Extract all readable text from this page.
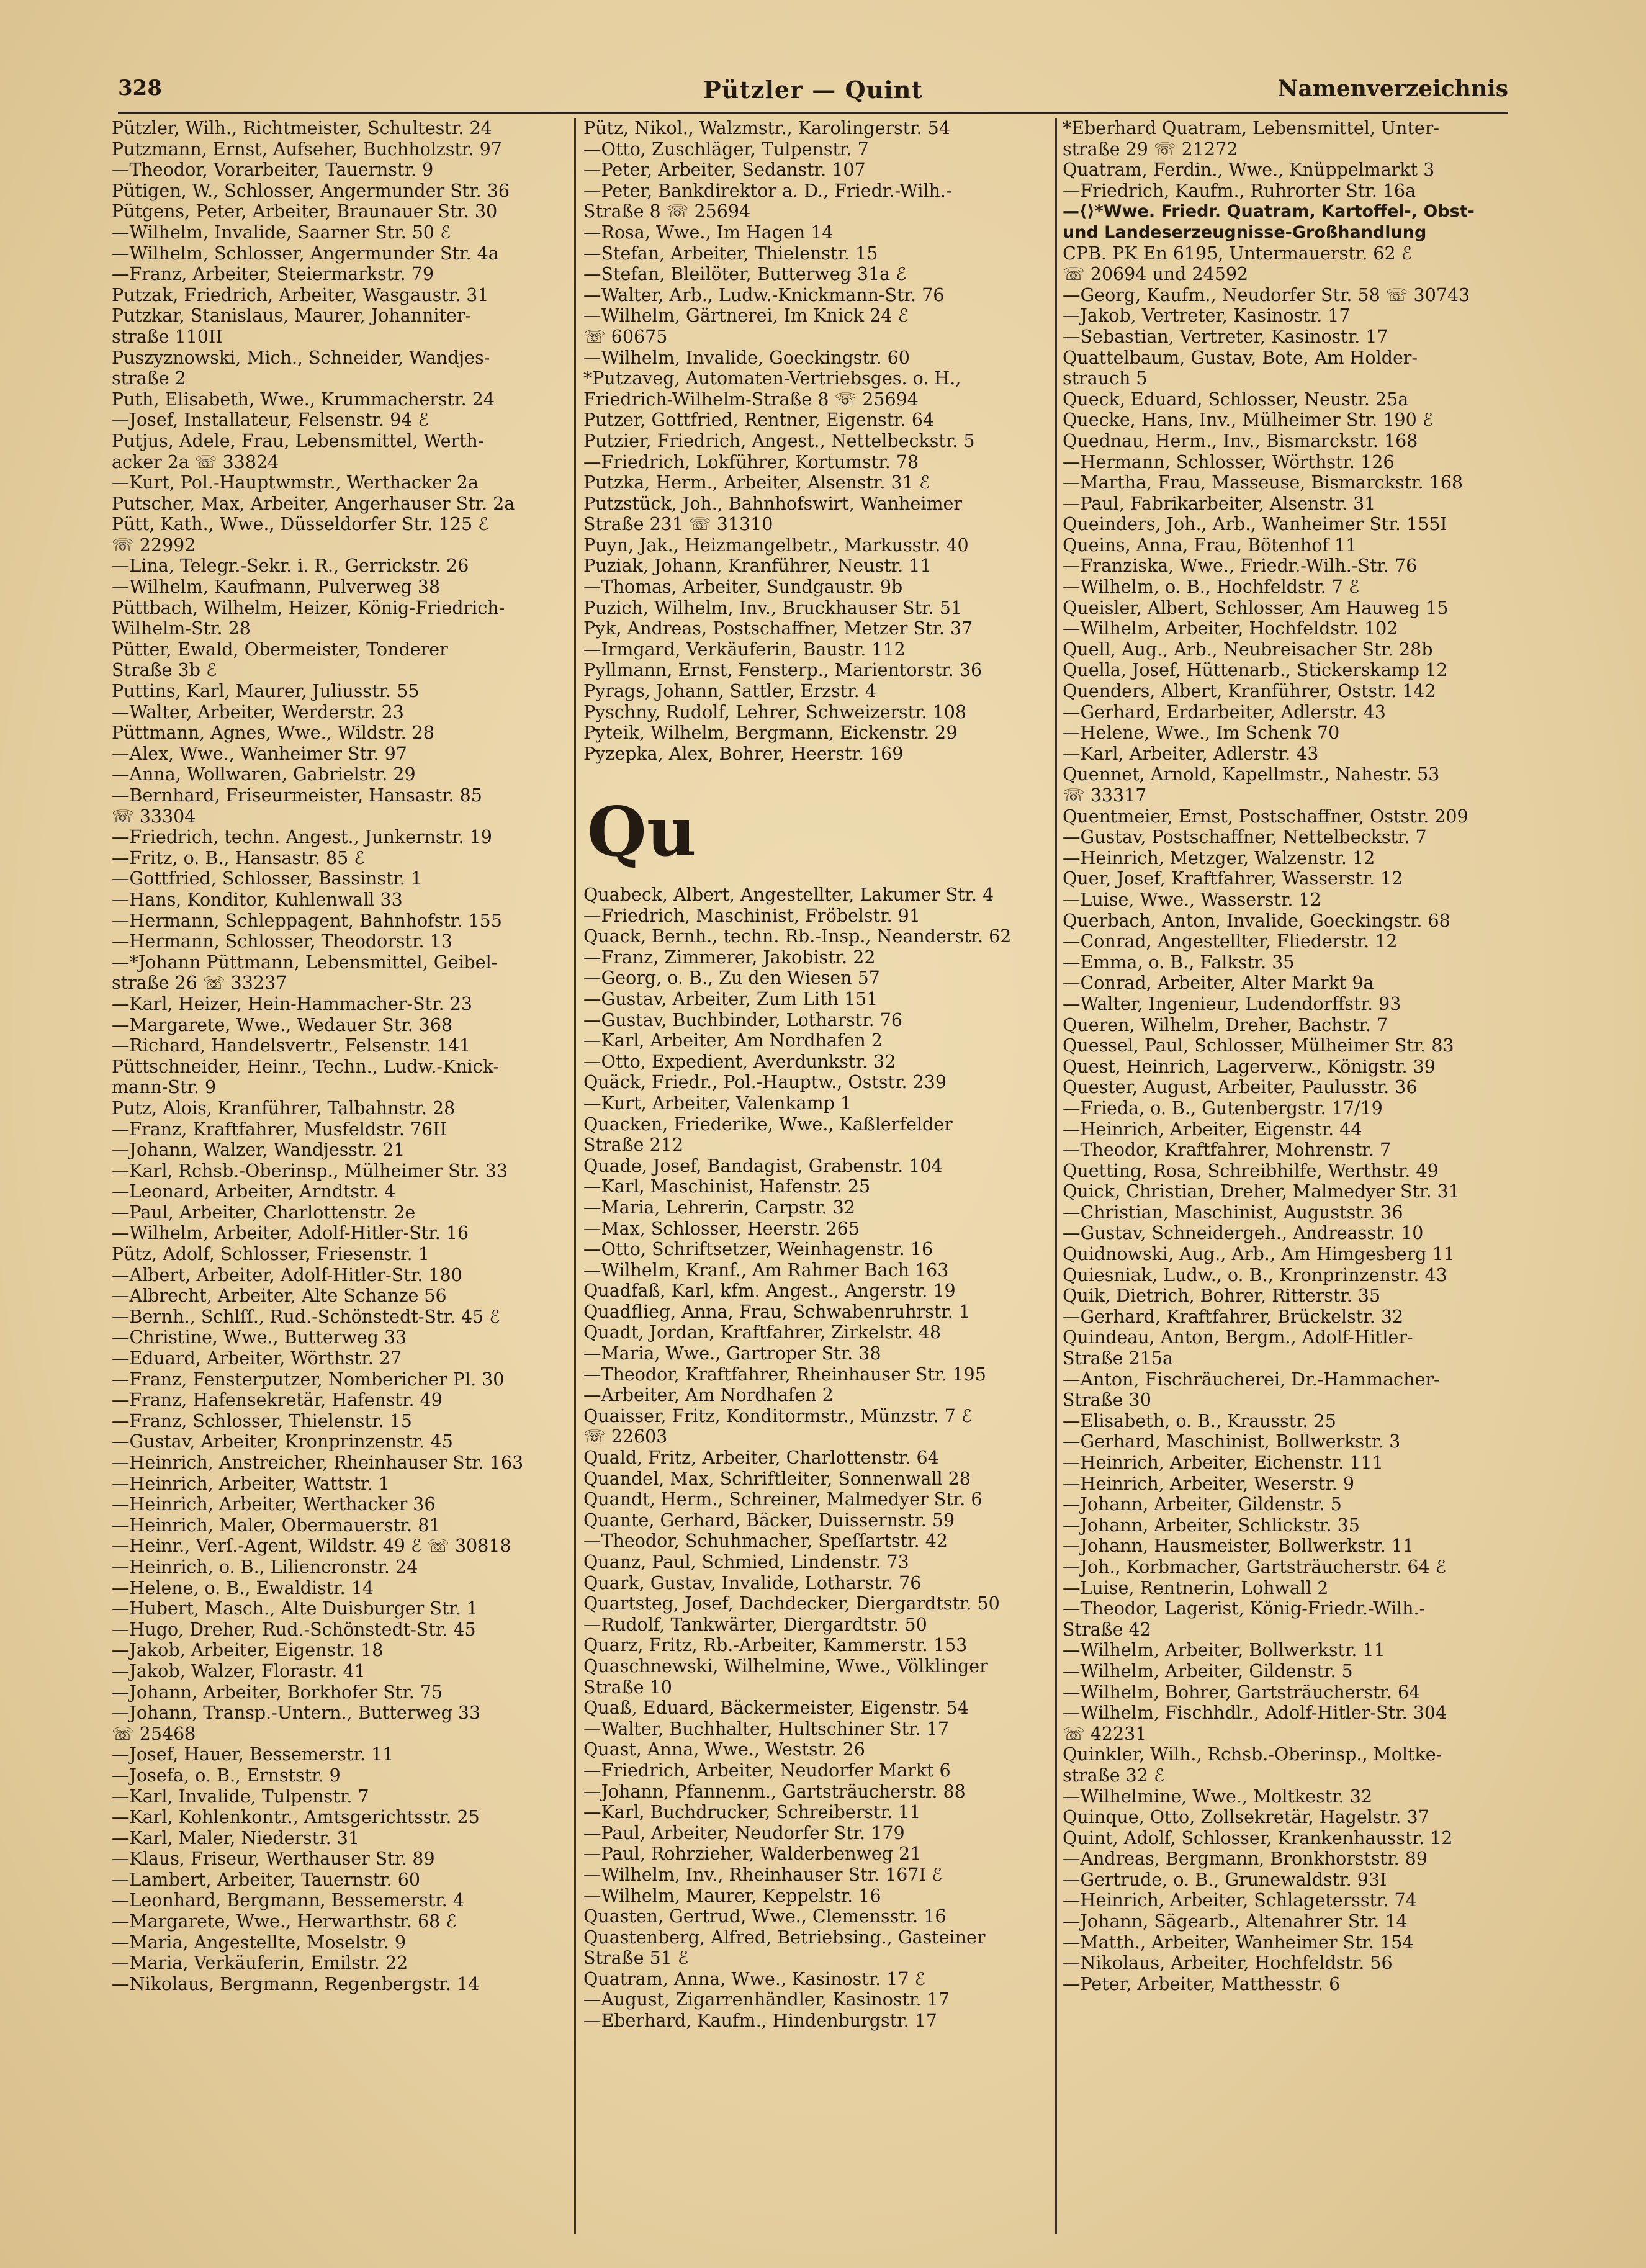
328	Pützler — Quint	Namenverzeichnis
Pützler, Wilh., Richtmeister, Schultestr. 24
Putzmann, Ernst, Aufseher, Buchholzstr. 97
—Theodor, Vorarbeiter, Tauernstr. 9
Pütigen, W., Schlosser, Angermunder Str. 36
Pütgens, Peter, Arbeiter, Braunauer Str. 30
—Wilhelm, Invalide, Saarner Str. 50 ℰ
—Wilhelm, Schlosser, Angermunder Str. 4a
—Franz, Arbeiter, Steiermarkstr. 79
Putzak, Friedrich, Arbeiter, Wasgaustr. 31
Putzkar, Stanislaus, Maurer, Johanniter-
straße 110II
Puszyznowski, Mich., Schneider, Wandjes-
straße 2
Puth, Elisabeth, Wwe., Krummacherstr. 24
—Josef, Installateur, Felsenstr. 94 ℰ
Putjus, Adele, Frau, Lebensmittel, Werth-
acker 2a ☏ 33824
—Kurt, Pol.-Hauptwmstr., Werthacker 2a
Putscher, Max, Arbeiter, Angerhauser Str. 2a
Pütt, Kath., Wwe., Düsseldorfer Str. 125 ℰ
☏ 22992
—Lina, Telegr.-Sekr. i. R., Gerrickstr. 26
—Wilhelm, Kaufmann, Pulverweg 38
Püttbach, Wilhelm, Heizer, König-Friedrich-
Wilhelm-Str. 28
Pütter, Ewald, Obermeister, Tonderer
Straße 3b ℰ
Puttins, Karl, Maurer, Juliusstr. 55
—Walter, Arbeiter, Werderstr. 23
Püttmann, Agnes, Wwe., Wildstr. 28
—Alex, Wwe., Wanheimer Str. 97
—Anna, Wollwaren, Gabrielstr. 29
—Bernhard, Friseurmeister, Hansastr. 85
☏ 33304
—Friedrich, techn. Angest., Junkernstr. 19
—Fritz, o. B., Hansastr. 85 ℰ
—Gottfried, Schlosser, Bassinstr. 1
—Hans, Konditor, Kuhlenwall 33
—Hermann, Schleppagent, Bahnhofstr. 155
—Hermann, Schlosser, Theodorstr. 13
—*Johann Püttmann, Lebensmittel, Geibel-
straße 26 ☏ 33237
—Karl, Heizer, Hein-Hammacher-Str. 23
—Margarete, Wwe., Wedauer Str. 368
—Richard, Handelsvertr., Felsenstr. 141
Püttschneider, Heinr., Techn., Ludw.-Knick-
mann-Str. 9
Putz, Alois, Kranführer, Talbahnstr. 28
—Franz, Kraftfahrer, Musfeldstr. 76II
—Johann, Walzer, Wandjesstr. 21
—Karl, Rchsb.-Oberinsp., Mülheimer Str. 33
—Leonard, Arbeiter, Arndtstr. 4
—Paul, Arbeiter, Charlottenstr. 2e
—Wilhelm, Arbeiter, Adolf-Hitler-Str. 16
Pütz, Adolf, Schlosser, Friesenstr. 1
—Albert, Arbeiter, Adolf-Hitler-Str. 180
—Albrecht, Arbeiter, Alte Schanze 56
—Bernh., Schlſſ., Rud.-Schönstedt-Str. 45 ℰ
—Christine, Wwe., Butterweg 33
—Eduard, Arbeiter, Wörthstr. 27
—Franz, Fensterputzer, Nombericher Pl. 30
—Franz, Hafensekretär, Hafenstr. 49
—Franz, Schlosser, Thielenstr. 15
—Gustav, Arbeiter, Kronprinzenstr. 45
—Heinrich, Anstreicher, Rheinhauser Str. 163
—Heinrich, Arbeiter, Wattstr. 1
—Heinrich, Arbeiter, Werthacker 36
—Heinrich, Maler, Obermauerstr. 81
—Heinr., Verſ.-Agent, Wildstr. 49 ℰ ☏ 30818
—Heinrich, o. B., Liliencronstr. 24
—Helene, o. B., Ewaldistr. 14
—Hubert, Masch., Alte Duisburger Str. 1
—Hugo, Dreher, Rud.-Schönstedt-Str. 45
—Jakob, Arbeiter, Eigenstr. 18
—Jakob, Walzer, Florastr. 41
—Johann, Arbeiter, Borkhofer Str. 75
—Johann, Transp.-Untern., Butterweg 33
☏ 25468
—Josef, Hauer, Bessemerstr. 11
—Josefa, o. B., Ernststr. 9
—Karl, Invalide, Tulpenstr. 7
—Karl, Kohlenkontr., Amtsgerichtsstr. 25
—Karl, Maler, Niederstr. 31
—Klaus, Friseur, Werthauser Str. 89
—Lambert, Arbeiter, Tauernstr. 60
—Leonhard, Bergmann, Bessemerstr. 4
—Margarete, Wwe., Herwarthstr. 68 ℰ
—Maria, Angestellte, Moselstr. 9
—Maria, Verkäuferin, Emilstr. 22
—Nikolaus, Bergmann, Regenbergstr. 14
Pütz, Nikol., Walzmstr., Karolingerstr. 54
—Otto, Zuschläger, Tulpenstr. 7
—Peter, Arbeiter, Sedanstr. 107
—Peter, Bankdirektor a. D., Friedr.-Wilh.-
Straße 8 ☏ 25694
—Rosa, Wwe., Im Hagen 14
—Stefan, Arbeiter, Thielenstr. 15
—Stefan, Bleilöter, Butterweg 31a ℰ
—Walter, Arb., Ludw.-Knickmann-Str. 76
—Wilhelm, Gärtnerei, Im Knick 24 ℰ
☏ 60675
—Wilhelm, Invalide, Goeckingstr. 60
*Putzaveg, Automaten-Vertriebsges. o. H.,
Friedrich-Wilhelm-Straße 8 ☏ 25694
Putzer, Gottfried, Rentner, Eigenstr. 64
Putzier, Friedrich, Angest., Nettelbeckstr. 5
—Friedrich, Lokführer, Kortumstr. 78
Putzka, Herm., Arbeiter, Alsenstr. 31 ℰ
Putzstück, Joh., Bahnhofswirt, Wanheimer
Straße 231 ☏ 31310
Puyn, Jak., Heizmangelbetr., Markusstr. 40
Puziak, Johann, Kranführer, Neustr. 11
—Thomas, Arbeiter, Sundgaustr. 9b
Puzich, Wilhelm, Inv., Bruckhauser Str. 51
Pyk, Andreas, Postschaffner, Metzer Str. 37
—Irmgard, Verkäuferin, Baustr. 112
Pyllmann, Ernst, Fensterp., Marientorstr. 36
Pyrags, Johann, Sattler, Erzstr. 4
Pyschny, Rudolf, Lehrer, Schweizerstr. 108
Pyteik, Wilhelm, Bergmann, Eickenstr. 29
Pyzepka, Alex, Bohrer, Heerstr. 169

Qu
Quabeck, Albert, Angestellter, Lakumer Str. 4
—Friedrich, Maschinist, Fröbelstr. 91
Quack, Bernh., techn. Rb.-Insp., Neanderstr. 62
—Franz, Zimmerer, Jakobistr. 22
—Georg, o. B., Zu den Wiesen 57
—Gustav, Arbeiter, Zum Lith 151
—Gustav, Buchbinder, Lotharstr. 76
—Karl, Arbeiter, Am Nordhafen 2
—Otto, Expedient, Averdunkstr. 32
Quäck, Friedr., Pol.-Hauptw., Oststr. 239
—Kurt, Arbeiter, Valenkamp 1
Quacken, Friederike, Wwe., Kaßlerfelder
Straße 212
Quade, Josef, Bandagist, Grabenstr. 104
—Karl, Maschinist, Hafenstr. 25
—Maria, Lehrerin, Carpstr. 32
—Max, Schlosser, Heerstr. 265
—Otto, Schriftsetzer, Weinhagenstr. 16
—Wilhelm, Kranf., Am Rahmer Bach 163
Quadfaß, Karl, kfm. Angest., Angerstr. 19
Quadflieg, Anna, Frau, Schwabenruhrstr. 1
Quadt, Jordan, Kraftfahrer, Zirkelstr. 48
—Maria, Wwe., Gartroper Str. 38
—Theodor, Kraftfahrer, Rheinhauser Str. 195
—Arbeiter, Am Nordhafen 2
Quaisser, Fritz, Konditormstr., Münzstr. 7 ℰ
☏ 22603
Quald, Fritz, Arbeiter, Charlottenstr. 64
Quandel, Max, Schriftleiter, Sonnenwall 28
Quandt, Herm., Schreiner, Malmedyer Str. 6
Quante, Gerhard, Bäcker, Duissernstr. 59
—Theodor, Schuhmacher, Speſſartstr. 42
Quanz, Paul, Schmied, Lindenstr. 73
Quark, Gustav, Invalide, Lotharstr. 76
Quartsteg, Josef, Dachdecker, Diergardtstr. 50
—Rudolf, Tankwärter, Diergardtstr. 50
Quarz, Fritz, Rb.-Arbeiter, Kammerstr. 153
Quaschnewski, Wilhelmine, Wwe., Völklinger
Straße 10
Quaß, Eduard, Bäckermeister, Eigenstr. 54
—Walter, Buchhalter, Hultschiner Str. 17
Quast, Anna, Wwe., Weststr. 26
—Friedrich, Arbeiter, Neudorfer Markt 6
—Johann, Pfannenm., Gartsträucherstr. 88
—Karl, Buchdrucker, Schreiberstr. 11
—Paul, Arbeiter, Neudorfer Str. 179
—Paul, Rohrzieher, Walderbenweg 21
—Wilhelm, Inv., Rheinhauser Str. 167I ℰ
—Wilhelm, Maurer, Keppelstr. 16
Quasten, Gertrud, Wwe., Clemensstr. 16
Quastenberg, Alfred, Betriebsing., Gasteiner
Straße 51 ℰ
Quatram, Anna, Wwe., Kasinostr. 17 ℰ
—August, Zigarrenhändler, Kasinostr. 17
—Eberhard, Kaufm., Hindenburgstr. 17
*Eberhard Quatram, Lebensmittel, Unter-
straße 29 ☏ 21272
Quatram, Ferdin., Wwe., Knüppelmarkt 3
—Friedrich, Kaufm., Ruhrorter Str. 16a
—⟨⟩*Wwe. Friedr. Quatram, Kartoffel-, Obst-
und Landeserzeugnisse-Großhandlung
CPB. PK En 6195, Untermauerstr. 62 ℰ
☏ 20694 und 24592
—Georg, Kaufm., Neudorfer Str. 58 ☏ 30743
—Jakob, Vertreter, Kasinostr. 17
—Sebastian, Vertreter, Kasinostr. 17
Quattelbaum, Gustav, Bote, Am Holder-
strauch 5
Queck, Eduard, Schlosser, Neustr. 25a
Quecke, Hans, Inv., Mülheimer Str. 190 ℰ
Quednau, Herm., Inv., Bismarckstr. 168
—Hermann, Schlosser, Wörthstr. 126
—Martha, Frau, Masseuse, Bismarckstr. 168
—Paul, Fabrikarbeiter, Alsenstr. 31
Queinders, Joh., Arb., Wanheimer Str. 155I
Queins, Anna, Frau, Bötenhof 11
—Franziska, Wwe., Friedr.-Wilh.-Str. 76
—Wilhelm, o. B., Hochfeldstr. 7 ℰ
Queisler, Albert, Schlosser, Am Hauweg 15
—Wilhelm, Arbeiter, Hochfeldstr. 102
Quell, Aug., Arb., Neubreisacher Str. 28b
Quella, Josef, Hüttenarb., Stickerskamp 12
Quenders, Albert, Kranführer, Oststr. 142
—Gerhard, Erdarbeiter, Adlerstr. 43
—Helene, Wwe., Im Schenk 70
—Karl, Arbeiter, Adlerstr. 43
Quennet, Arnold, Kapellmstr., Nahestr. 53
☏ 33317
Quentmeier, Ernst, Postschaffner, Oststr. 209
—Gustav, Postschaffner, Nettelbeckstr. 7
—Heinrich, Metzger, Walzenstr. 12
Quer, Josef, Kraftfahrer, Wasserstr. 12
—Luise, Wwe., Wasserstr. 12
Querbach, Anton, Invalide, Goeckingstr. 68
—Conrad, Angestellter, Fliederstr. 12
—Emma, o. B., Falkstr. 35
—Conrad, Arbeiter, Alter Markt 9a
—Walter, Ingenieur, Ludendorffstr. 93
Queren, Wilhelm, Dreher, Bachstr. 7
Quessel, Paul, Schlosser, Mülheimer Str. 83
Quest, Heinrich, Lagerverw., Königstr. 39
Quester, August, Arbeiter, Paulusstr. 36
—Frieda, o. B., Gutenbergstr. 17/19
—Heinrich, Arbeiter, Eigenstr. 44
—Theodor, Kraftfahrer, Mohrenstr. 7
Quetting, Rosa, Schreibhilfe, Werthstr. 49
Quick, Christian, Dreher, Malmedyer Str. 31
—Christian, Maschinist, Auguststr. 36
—Gustav, Schneidergeh., Andreasstr. 10
Quidnowski, Aug., Arb., Am Himgesberg 11
Quiesniak, Ludw., o. B., Kronprinzenstr. 43
Quik, Dietrich, Bohrer, Ritterstr. 35
—Gerhard, Kraftfahrer, Brückelstr. 32
Quindeau, Anton, Bergm., Adolf-Hitler-
Straße 215a
—Anton, Fischräucherei, Dr.-Hammacher-
Straße 30
—Elisabeth, o. B., Krausstr. 25
—Gerhard, Maschinist, Bollwerkstr. 3
—Heinrich, Arbeiter, Eichenstr. 111
—Heinrich, Arbeiter, Weserstr. 9
—Johann, Arbeiter, Gildenstr. 5
—Johann, Arbeiter, Schlickstr. 35
—Johann, Hausmeister, Bollwerkstr. 11
—Joh., Korbmacher, Gartsträucherstr. 64 ℰ
—Luise, Rentnerin, Lohwall 2
—Theodor, Lagerist, König-Friedr.-Wilh.-
Straße 42
—Wilhelm, Arbeiter, Bollwerkstr. 11
—Wilhelm, Arbeiter, Gildenstr. 5
—Wilhelm, Bohrer, Gartsträucherstr. 64
—Wilhelm, Fischhdlr., Adolf-Hitler-Str. 304
☏ 42231
Quinkler, Wilh., Rchsb.-Oberinsp., Moltke-
straße 32 ℰ
—Wilhelmine, Wwe., Moltkestr. 32
Quinque, Otto, Zollsekretär, Hagelstr. 37
Quint, Adolf, Schlosser, Krankenhausstr. 12
—Andreas, Bergmann, Bronkhorststr. 89
—Gertrude, o. B., Grunewaldstr. 93I
—Heinrich, Arbeiter, Schlagetersstr. 74
—Johann, Sägearb., Altenahrer Str. 14
—Matth., Arbeiter, Wanheimer Str. 154
—Nikolaus, Arbeiter, Hochfeldstr. 56
—Peter, Arbeiter, Matthesstr. 6
